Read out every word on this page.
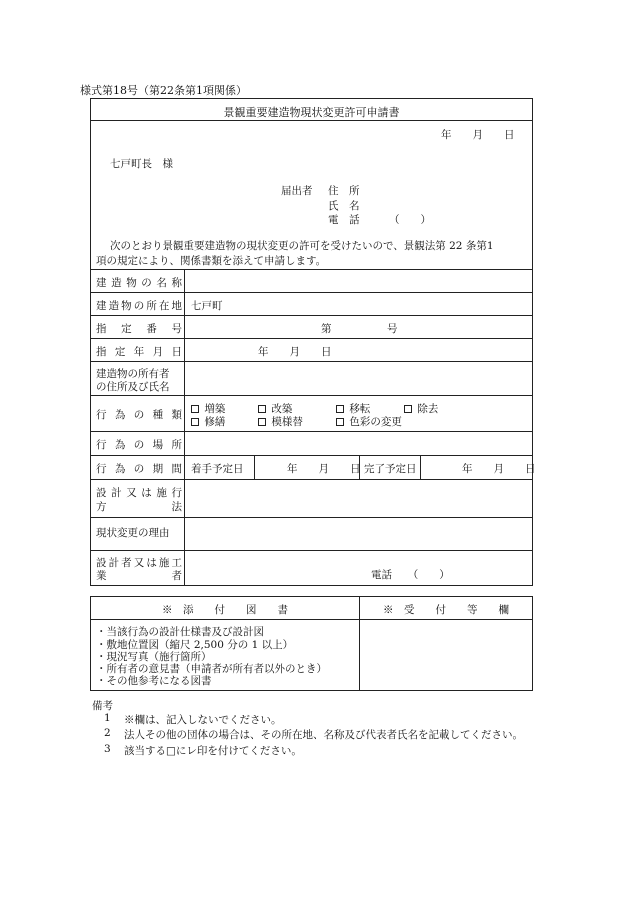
様式第18号（第22条第1項関係）
景観重要建造物現状変更許可申請書
年　　月　　日
七戸町長　様
届出者 住　所
氏　名
電　話	（　　）
次のとおり景観重要建造物の現状変更の許可を受けたいので、景観法第 22 条第1
項の規定により、関係書類を添えて申請します。
建造物の名称
建造物の所在地 七戸町
指定番号	第	号
指定年月日	年　　月　　日
建造物の所有者
の住所及び氏名
行為の種類	増築	改築	移転	除去
修繕	模様替	色彩の変更
行為の場所
行為の期間 着手予定日	年　　月　　日 完了予定日	年　　月　　日
設計又は施行
方法
現状変更の理由
設計者又は施工
業者	電話　　（　　）
※　添　　付　　図　　書	※　受　　付　　等　　欄
・当該行為の設計仕様書及び設計図
・敷地位置図（縮尺 2,500 分の 1 以上）
・現況写真（施行箇所）
・所有者の意見書（申請者が所有者以外のとき）
・その他参考になる図書
備考
1 ※欄は、記入しないでください。
2 法人その他の団体の場合は、その所在地、名称及び代表者氏名を記載してください。
3 該当する□にレ印を付けてください。
